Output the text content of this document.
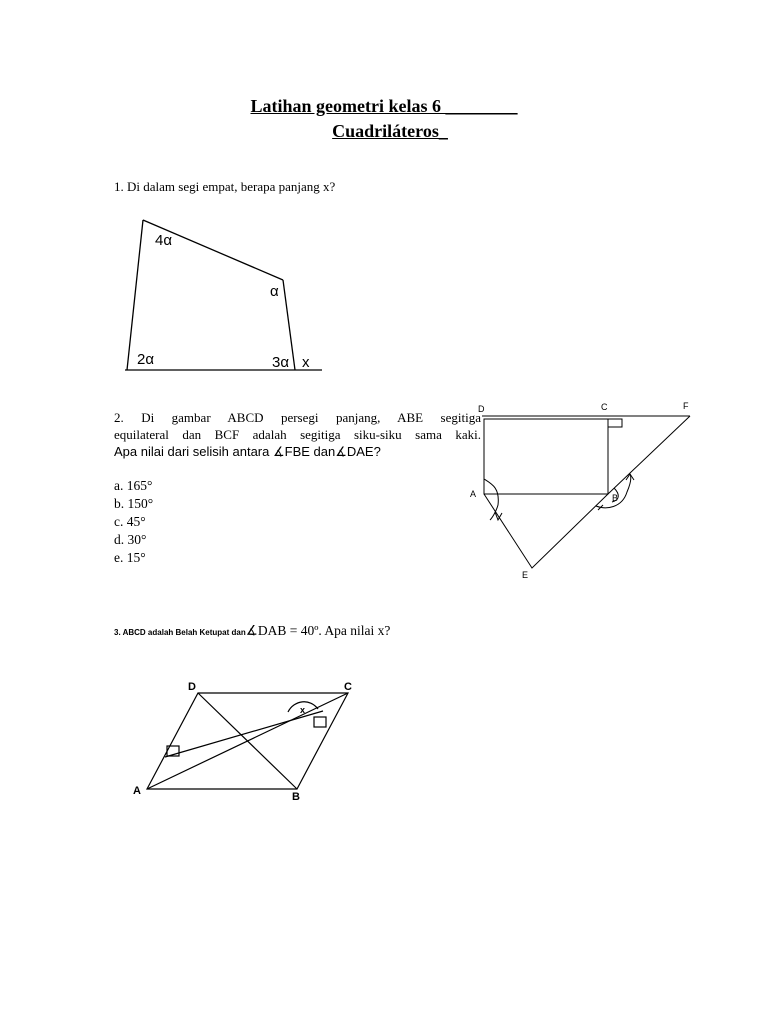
Latihan geometri kelas 6 ________
Cuadriláteros_
1. Di dalam segi empat, berapa panjang x?
4α
α
2α	3α x
2. Di gambar ABCD persegi panjang, ABE segitiga
equilateral dan BCF adalah segitiga siku-siku sama kaki.
Apa nilai dari selisih antara ∡FBE dan∡DAE?
a. 165°
b. 150°
c. 45°
d. 30°
e. 15°
D	C	F
A	B
E
3. ABCD adalah Belah Ketupat dan∡DAB = 40º. Apa nilai x?
D	C
A	B
x
